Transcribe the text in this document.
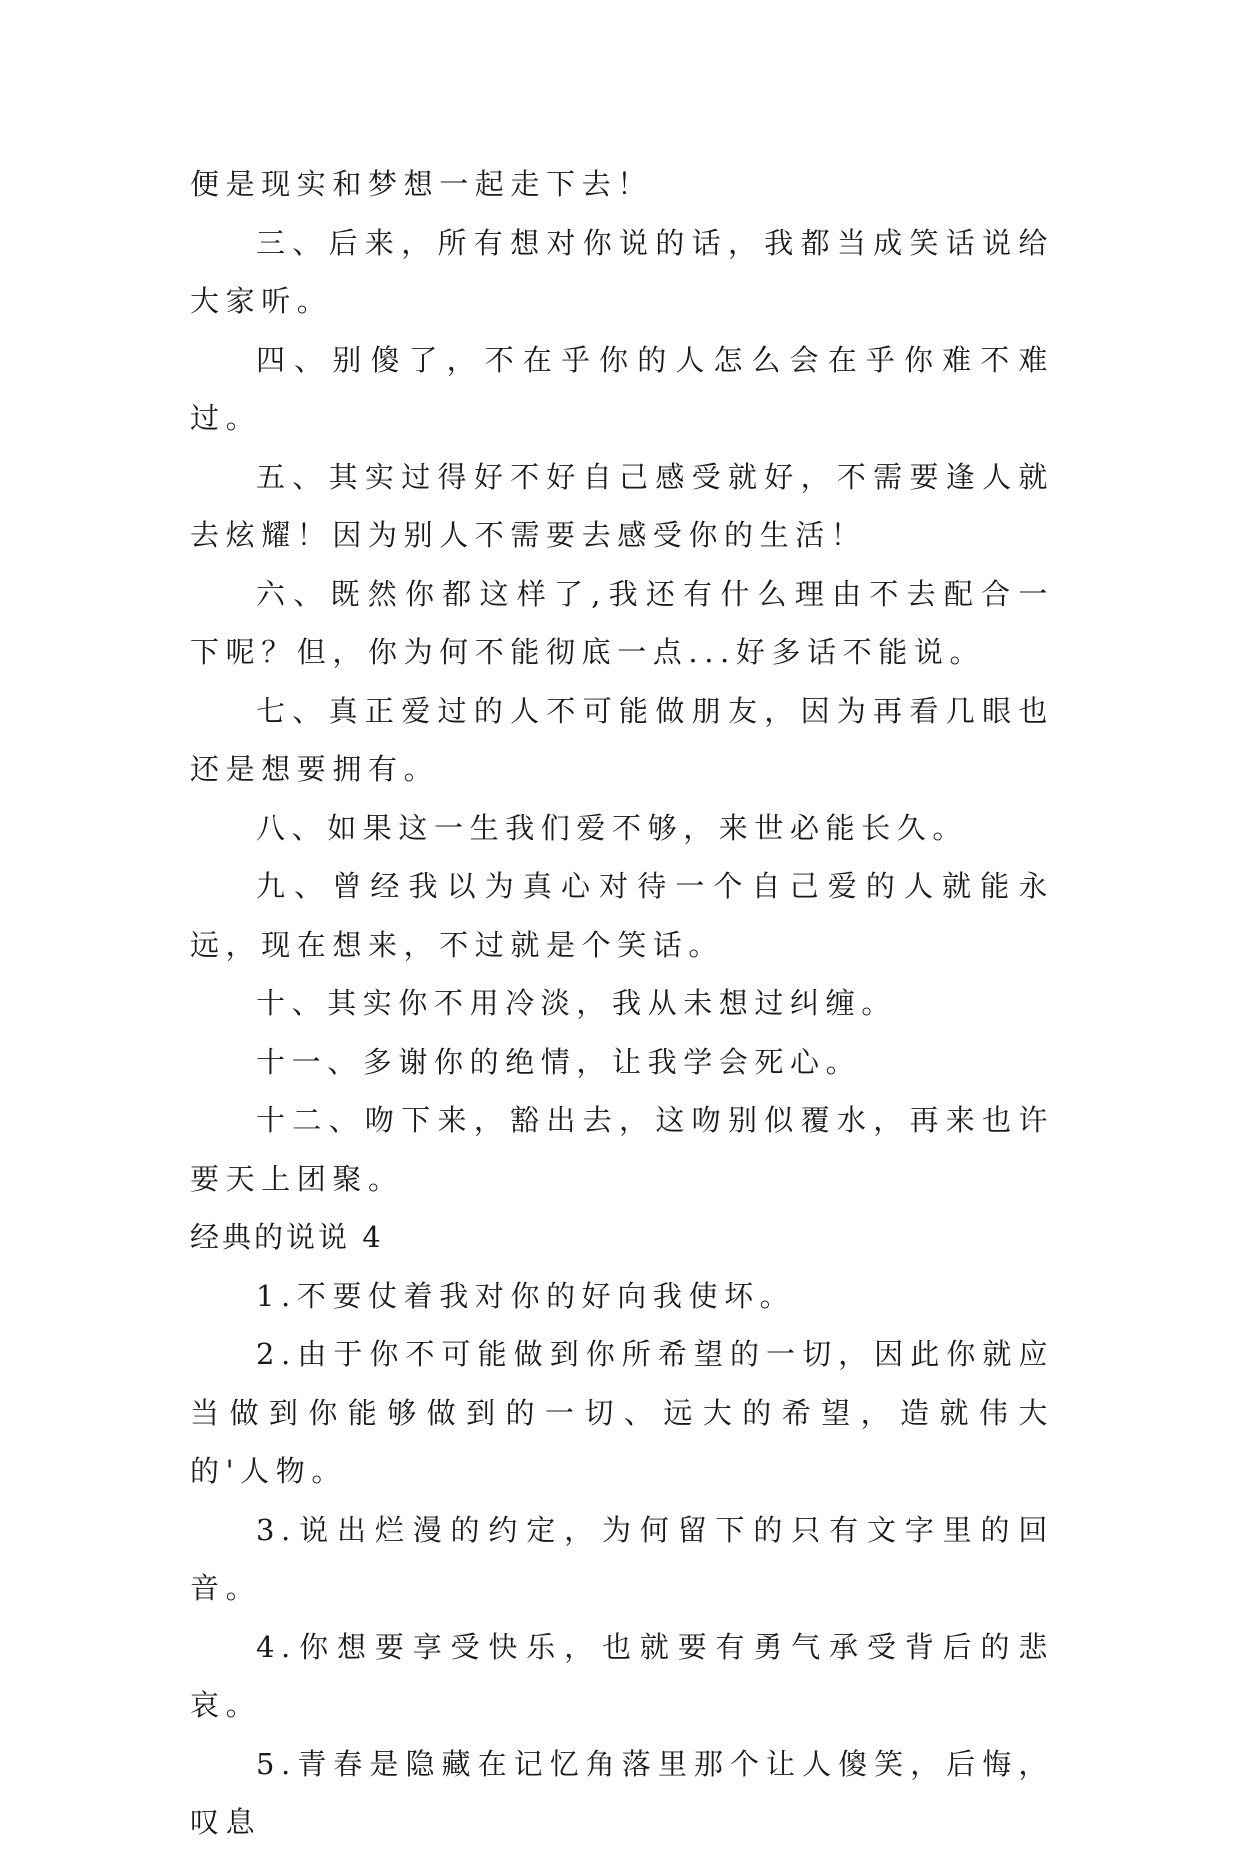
便是现实和梦想一起走下去！

三、后来，所有想对你说的话，我都当成笑话说给大家听。

四、别傻了，不在乎你的人怎么会在乎你难不难过。

五、其实过得好不好自己感受就好，不需要逢人就去炫耀！因为别人不需要去感受你的生活！

六、既然你都这样了,我还有什么理由不去配合一下呢？但，你为何不能彻底一点...好多话不能说。

七、真正爱过的人不可能做朋友，因为再看几眼也还是想要拥有。

八、如果这一生我们爱不够，来世必能长久。

九、曾经我以为真心对待一个自己爱的人就能永远，现在想来，不过就是个笑话。

十、其实你不用冷淡，我从未想过纠缠。

十一、多谢你的绝情，让我学会死心。

十二、吻下来，豁出去，这吻别似覆水，再来也许要天上团聚。

经典的说说 4

1.不要仗着我对你的好向我使坏。

2.由于你不可能做到你所希望的一切，因此你就应当做到你能够做到的一切、远大的希望，造就伟大的'人物。

3.说出烂漫的约定，为何留下的只有文字里的回音。

4.你想要享受快乐，也就要有勇气承受背后的悲哀。

5.青春是隐藏在记忆角落里那个让人傻笑，后悔，叹息
